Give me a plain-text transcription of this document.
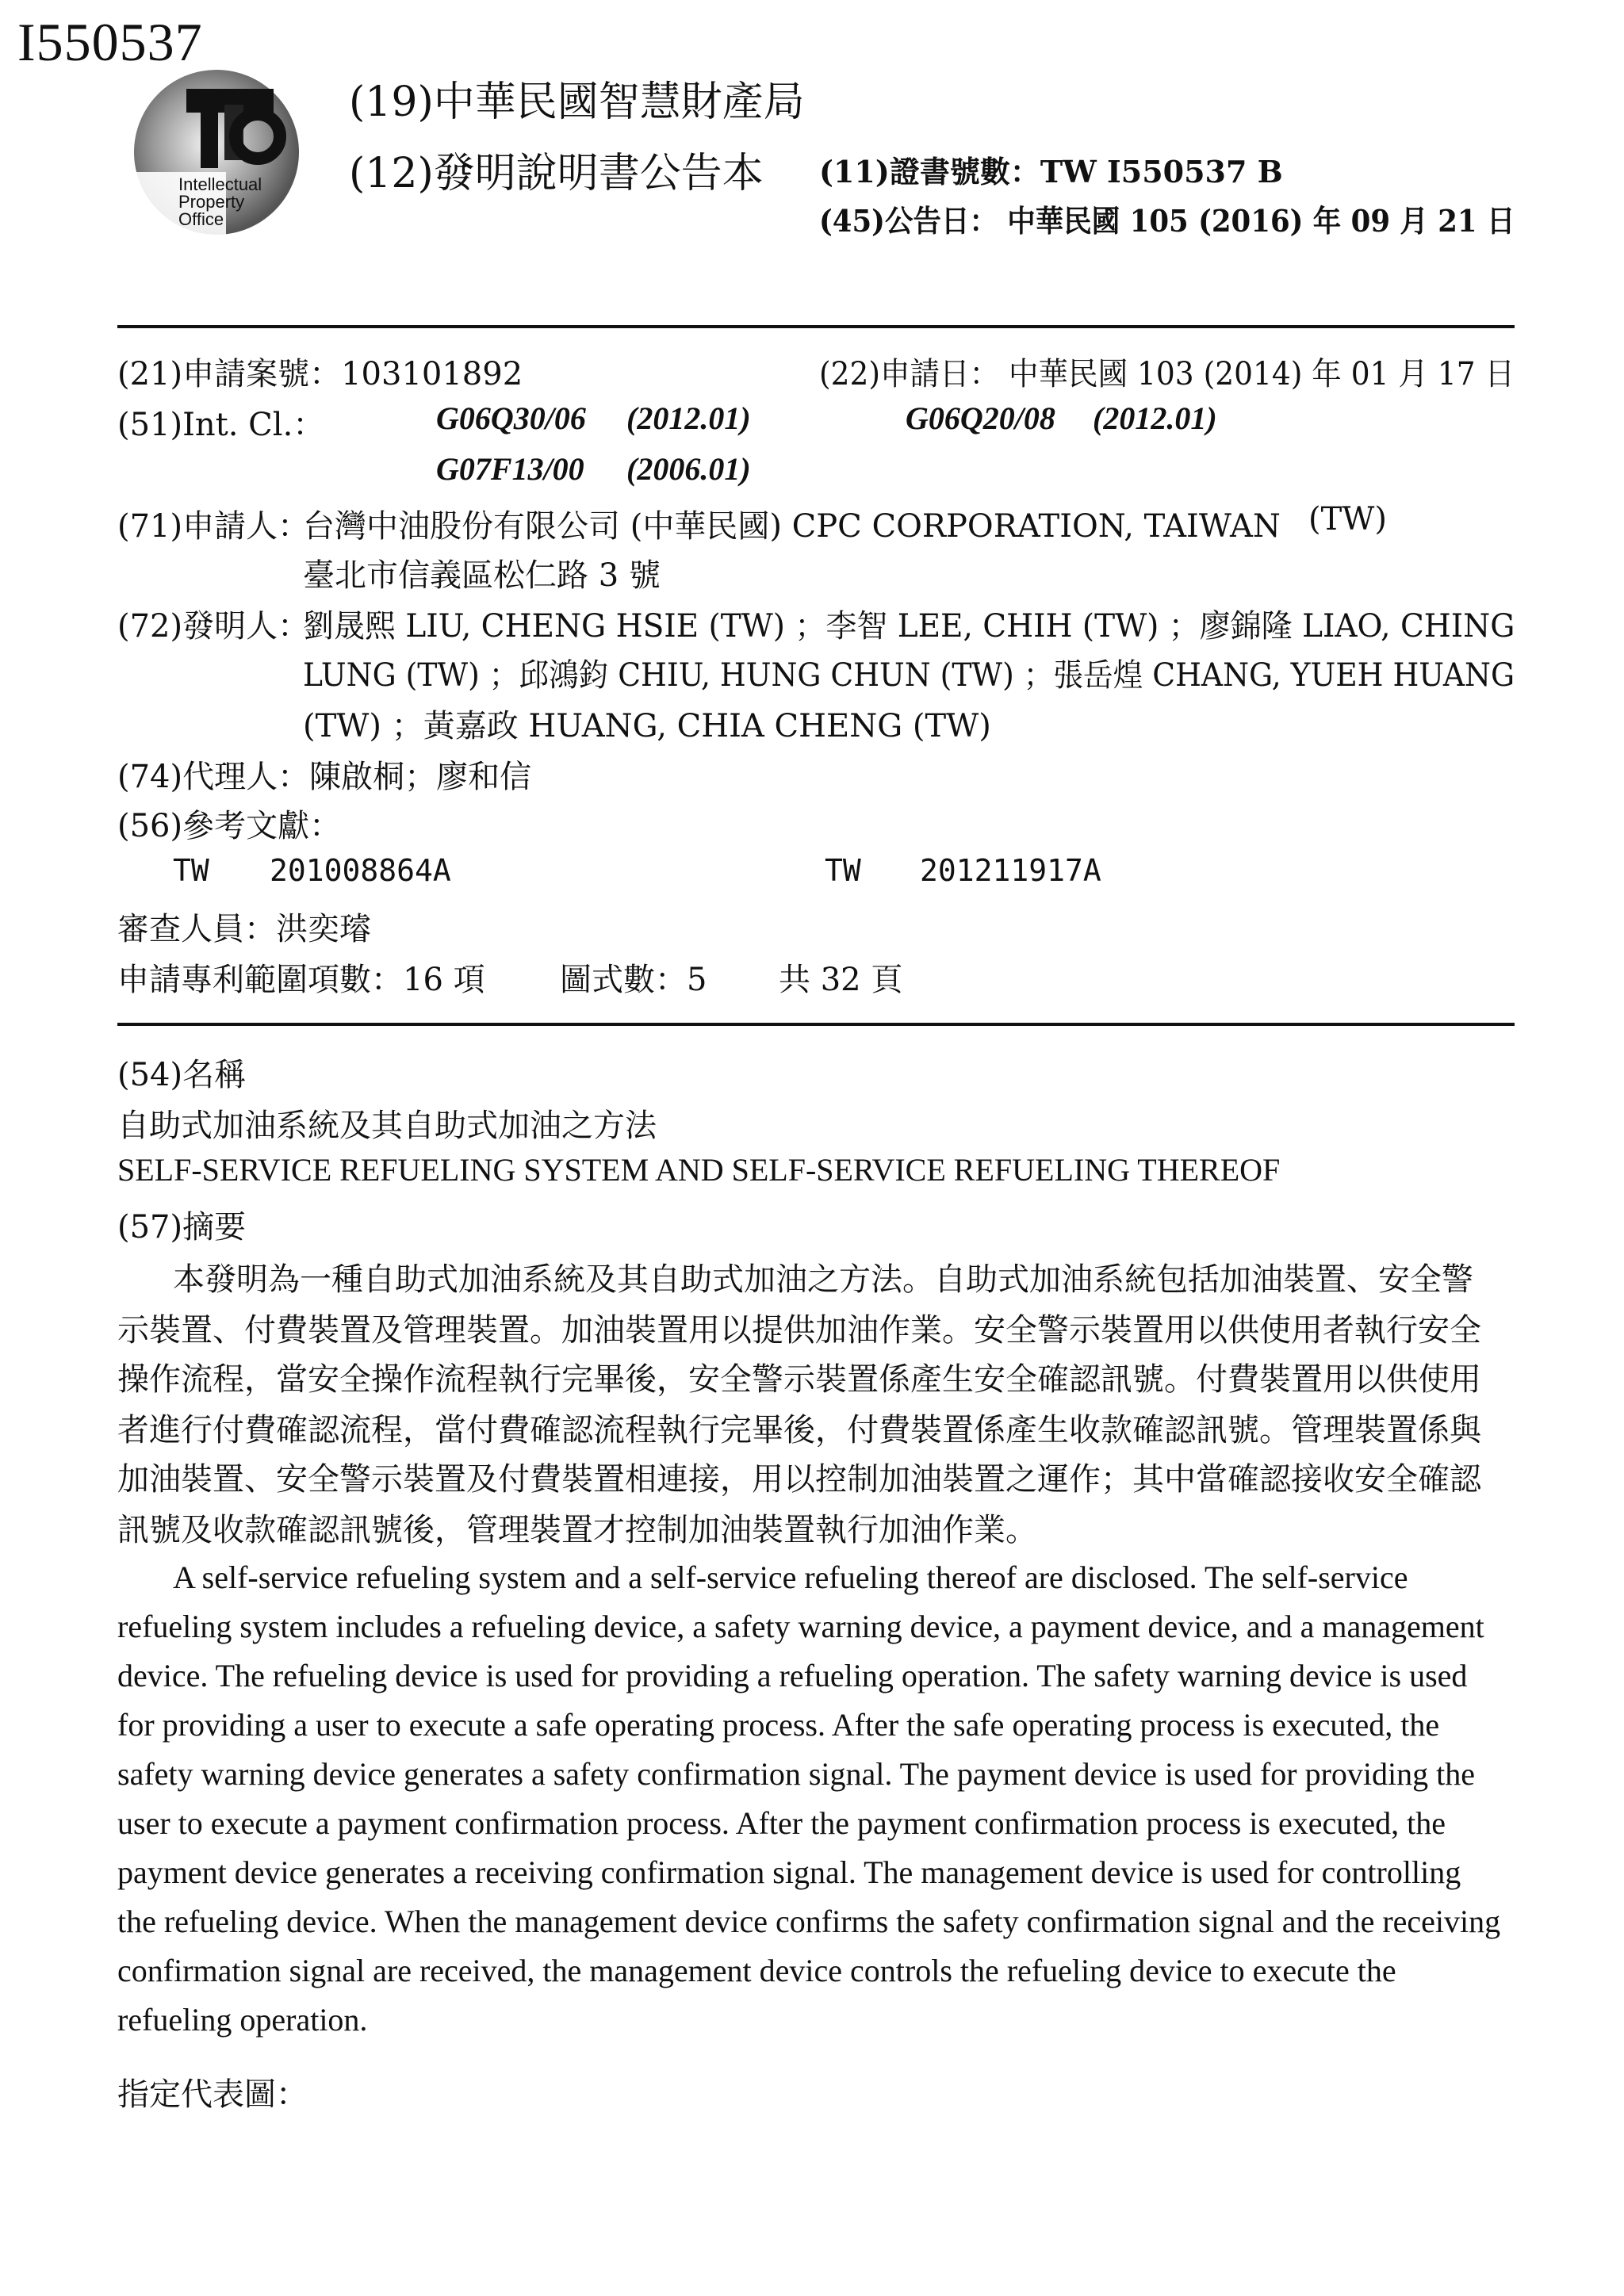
I550537
Intellectual
Property
Office
(19)中華民國智慧財產局
(12)發明說明書公告本 (11)證書號數：TW I550537 B
(45)公告日： 中華民國 105 (2016) 年 09 月 21 日
(21)申請案號：103101892	(22)申請日： 中華民國 103 (2014) 年 01 月 17 日
(51)Int. Cl.：	G06Q30/06 (2012.01)	G06Q20/08 (2012.01)
G07F13/00 (2006.01)
(71)申請人：
台灣中油股份有限公司 (中華民國) CPC CORPORATION, TAIWAN (TW)
臺北市信義區松仁路 3 號
(72)發明人：
劉晟熙 LIU, CHENG HSIE (TW) ；李智 LEE, CHIH (TW) ；廖錦隆 LIAO, CHING
LUNG (TW) ；邱鴻鈞 CHIU, HUNG CHUN (TW) ；張岳煌 CHANG, YUEH HUANG
(TW) ；黃嘉政 HUANG, CHIA CHENG (TW)
(74)代理人：陳啟桐；廖和信
(56)參考文獻：
TW 201008864A	TW 201211917A
審查人員：洪奕璿
申請專利範圍項數：16 項 圖式數：5 共 32 頁
(54)名稱
自助式加油系統及其自助式加油之方法
SELF-SERVICE REFUELING SYSTEM AND SELF-SERVICE REFUELING THEREOF
(57)摘要
本發明為一種自助式加油系統及其自助式加油之方法。自助式加油系統包括加油裝置、安全警
示裝置、付費裝置及管理裝置。加油裝置用以提供加油作業。安全警示裝置用以供使用者執行安全
操作流程，當安全操作流程執行完畢後，安全警示裝置係產生安全確認訊號。付費裝置用以供使用
者進行付費確認流程，當付費確認流程執行完畢後，付費裝置係產生收款確認訊號。管理裝置係與
加油裝置、安全警示裝置及付費裝置相連接，用以控制加油裝置之運作；其中當確認接收安全確認
訊號及收款確認訊號後，管理裝置才控制加油裝置執行加油作業。
A self-service refueling system and a self-service refueling thereof are disclosed. The self-service
refueling system includes a refueling device, a safety warning device, a payment device, and a management
device. The refueling device is used for providing a refueling operation. The safety warning device is used
for providing a user to execute a safe operating process. After the safe operating process is executed, the
safety warning device generates a safety confirmation signal. The payment device is used for providing the
user to execute a payment confirmation process. After the payment confirmation process is executed, the
payment device generates a receiving confirmation signal. The management device is used for controlling
the refueling device. When the management device confirms the safety confirmation signal and the receiving
confirmation signal are received, the management device controls the refueling device to execute the
refueling operation.
指定代表圖：
